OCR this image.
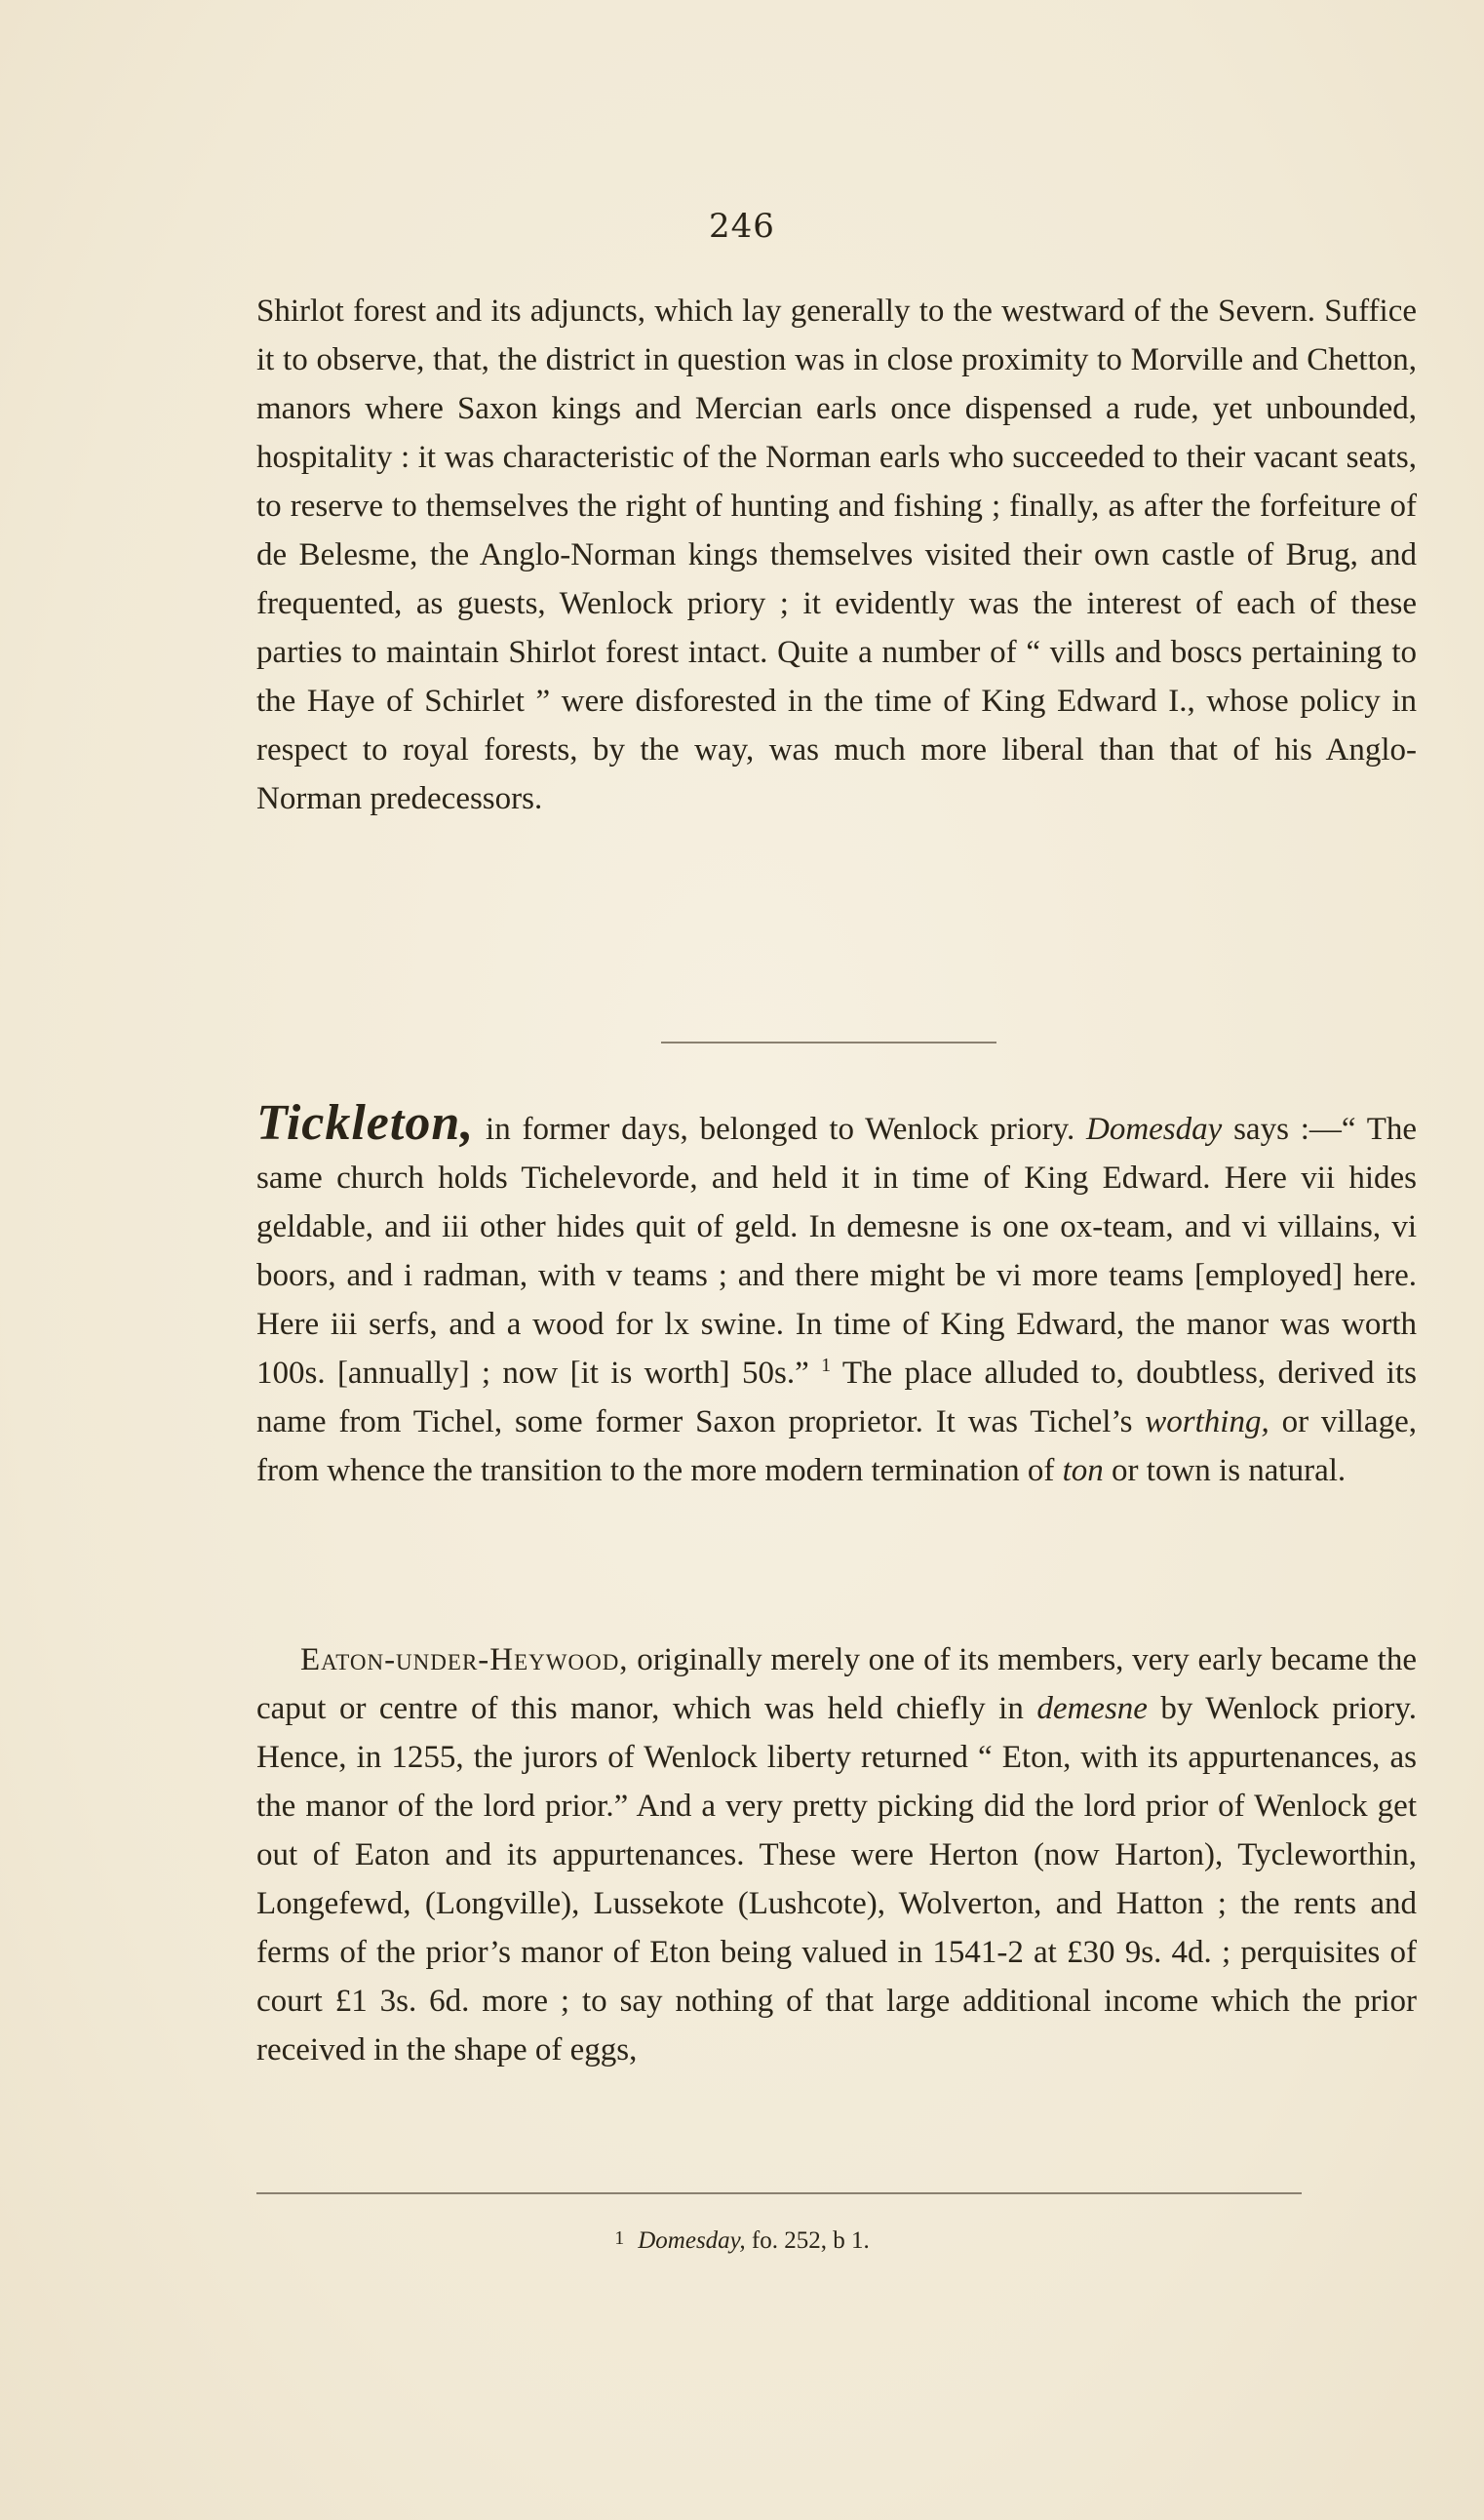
246
Shirlot forest and its adjuncts, which lay generally to the westward of the Severn. Suffice it to observe, that, the district in question was in close proximity to Morville and Chetton, manors where Saxon kings and Mercian earls once dispensed a rude, yet unbounded, hospitality : it was characteristic of the Norman earls who succeeded to their vacant seats, to reserve to themselves the right of hunting and fishing ; finally, as after the forfeiture of de Belesme, the Anglo-Norman kings themselves visited their own castle of Brug, and frequented, as guests, Wenlock priory ; it evidently was the interest of each of these parties to maintain Shirlot forest intact. Quite a number of “ vills and boscs pertaining to the Haye of Schirlet ” were disforested in the time of King Edward I., whose policy in respect to royal forests, by the way, was much more liberal than that of his Anglo-Norman predecessors.
Tickleton, in former days, belonged to Wenlock priory. Domesday says :—“ The same church holds Tichelevorde, and held it in time of King Edward. Here vii hides geldable, and iii other hides quit of geld. In demesne is one ox-team, and vi villains, vi boors, and i radman, with v teams ; and there might be vi more teams [employed] here. Here iii serfs, and a wood for lx swine. In time of King Edward, the manor was worth 100s. [annually] ; now [it is worth] 50s.” $^1$ The place alluded to, doubtless, derived its name from Tichel, some former Saxon proprietor. It was Tichel’s worthing, or village, from whence the transition to the more modern termination of ton or town is natural.
Eaton-under-Heywood, originally merely one of its members, very early became the caput or centre of this manor, which was held chiefly in demesne by Wenlock priory. Hence, in 1255, the jurors of Wenlock liberty returned “ Eton, with its appurtenances, as the manor of the lord prior.” And a very pretty picking did the lord prior of Wenlock get out of Eaton and its appurtenances. These were Herton (now Harton), Tycleworthin, Longefewd, (Longville), Lussekote (Lushcote), Wolverton, and Hatton ; the rents and ferms of the prior’s manor of Eton being valued in 1541-2 at £30 9s. 4d. ; perquisites of court £1 3s. 6d. more ; to say nothing of that large additional income which the prior received in the shape of eggs,
1 Domesday, fo. 252, b 1.
